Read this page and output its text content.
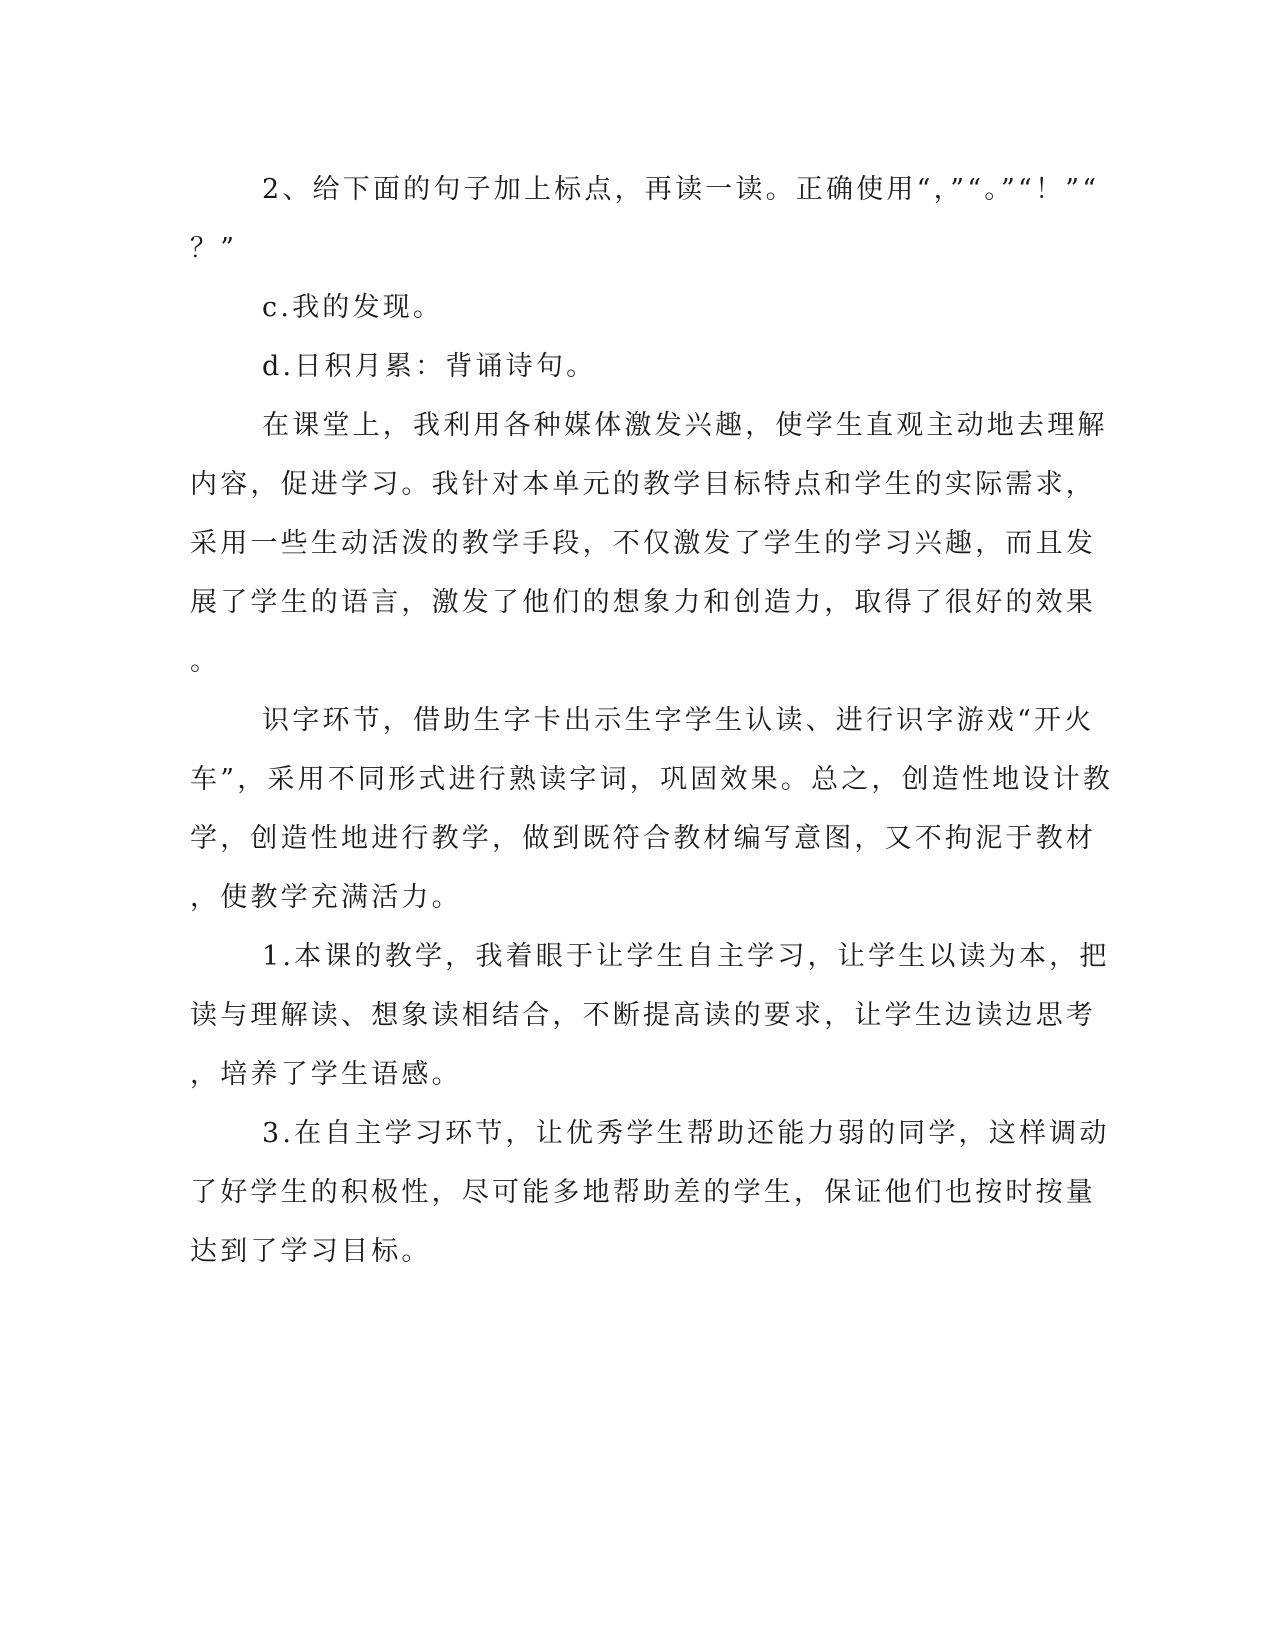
2、给下面的句子加上标点，再读一读。正确使用“，”“。”“！”“
？”
c.我的发现。
d.日积月累：背诵诗句。
在课堂上，我利用各种媒体激发兴趣，使学生直观主动地去理解
内容，促进学习。我针对本单元的教学目标特点和学生的实际需求，
采用一些生动活泼的教学手段，不仅激发了学生的学习兴趣，而且发
展了学生的语言，激发了他们的想象力和创造力，取得了很好的效果
。
识字环节，借助生字卡出示生字学生认读、进行识字游戏“开火
车”，采用不同形式进行熟读字词，巩固效果。总之，创造性地设计教
学，创造性地进行教学，做到既符合教材编写意图，又不拘泥于教材
，使教学充满活力。
1.本课的教学，我着眼于让学生自主学习，让学生以读为本，把
读与理解读、想象读相结合，不断提高读的要求，让学生边读边思考
，培养了学生语感。
3.在自主学习环节，让优秀学生帮助还能力弱的同学，这样调动
了好学生的积极性，尽可能多地帮助差的学生，保证他们也按时按量
达到了学习目标。
